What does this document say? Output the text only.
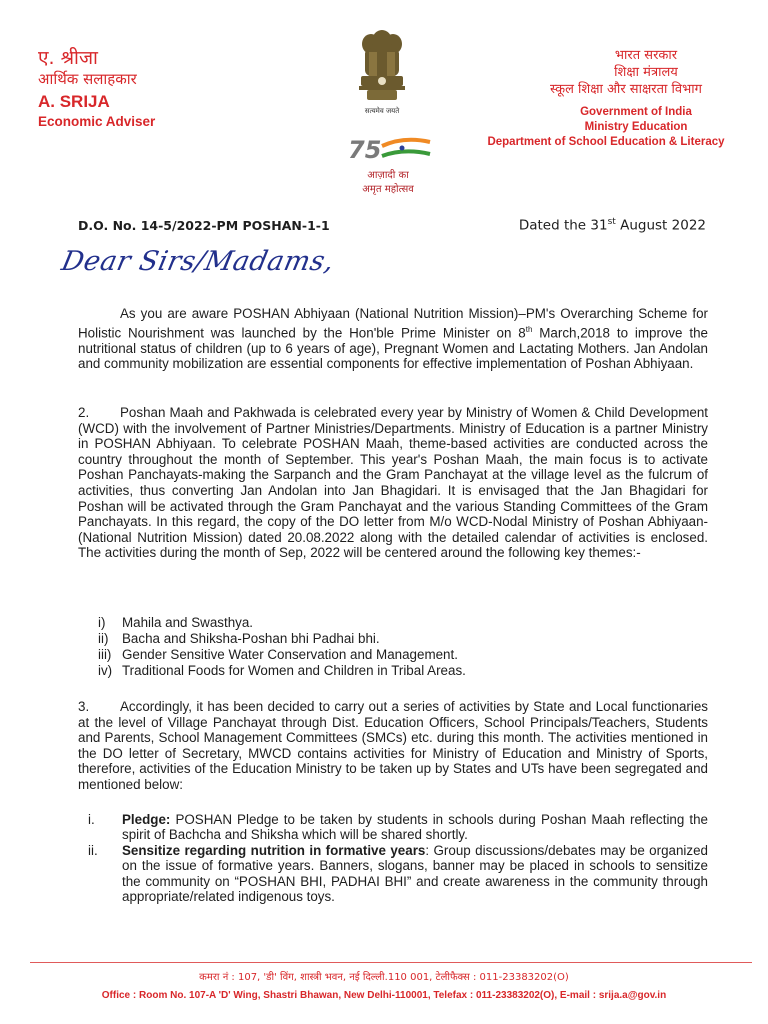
ए. श्रीजा
आर्थिक सलाहकार
A. SRIJA
Economic Adviser
सत्यमेव जयते
75
आज़ादी का
अमृत महोत्सव
भारत सरकार
शिक्षा मंत्रालय
स्कूल शिक्षा और साक्षरता विभाग
Government of India
Ministry Education
Department of School Education & Literacy
D.O. No. 14-5/2022-PM POSHAN-1-1	Dated the 31st August 2022
Dear Sirs/Madams,
As you are aware POSHAN Abhiyaan (National Nutrition Mission)–PM's Overarching Scheme for Holistic Nourishment was launched by the Hon'ble Prime Minister on 8th March,2018 to improve the nutritional status of children (up to 6 years of age), Pregnant Women and Lactating Mothers. Jan Andolan and community mobilization are essential components for effective implementation of Poshan Abhiyaan.
2. Poshan Maah and Pakhwada is celebrated every year by Ministry of Women & Child Development (WCD) with the involvement of Partner Ministries/Departments. Ministry of Education is a partner Ministry in POSHAN Abhiyaan. To celebrate POSHAN Maah, theme-based activities are conducted across the country throughout the month of September. This year's Poshan Maah, the main focus is to activate Poshan Panchayats-making the Sarpanch and the Gram Panchayat at the village level as the fulcrum of activities, thus converting Jan Andolan into Jan Bhagidari. It is envisaged that the Jan Bhagidari for Poshan will be activated through the Gram Panchayat and the various Standing Committees of the Gram Panchayats. In this regard, the copy of the DO letter from M/o WCD-Nodal Ministry of Poshan Abhiyaan-(National Nutrition Mission) dated 20.08.2022 along with the detailed calendar of activities is enclosed. The activities during the month of Sep, 2022 will be centered around the following key themes:-
i)	Mahila and Swasthya.
ii)	Bacha and Shiksha-Poshan bhi Padhai bhi.
iii) Gender Sensitive Water Conservation and Management.
iv) Traditional Foods for Women and Children in Tribal Areas.
3. Accordingly, it has been decided to carry out a series of activities by State and Local functionaries at the level of Village Panchayat through Dist. Education Officers, School Principals/Teachers, Students and Parents, School Management Committees (SMCs) etc. during this month. The activities mentioned in the DO letter of Secretary, MWCD contains activities for Ministry of Education and Ministry of Sports, therefore, activities of the Education Ministry to be taken up by States and UTs have been segregated and mentioned below:
i.	Pledge: POSHAN Pledge to be taken by students in schools during Poshan Maah reflecting the spirit of Bachcha and Shiksha which will be shared shortly.
ii.	Sensitize regarding nutrition in formative years: Group discussions/debates may be organized on the issue of formative years. Banners, slogans, banner may be placed in schools to sensitize the community on “POSHAN BHI, PADHAI BHI” and create awareness in the community through appropriate/related indigenous toys.
कमरा नं : 107, 'डी' विंग, शास्त्री भवन, नई दिल्ली.110 001, टेलीफैक्स : 011-23383202(O)
Office : Room No. 107-A 'D' Wing, Shastri Bhawan, New Delhi-110001, Telefax : 011-23383202(O), E-mail : srija.a@gov.in
